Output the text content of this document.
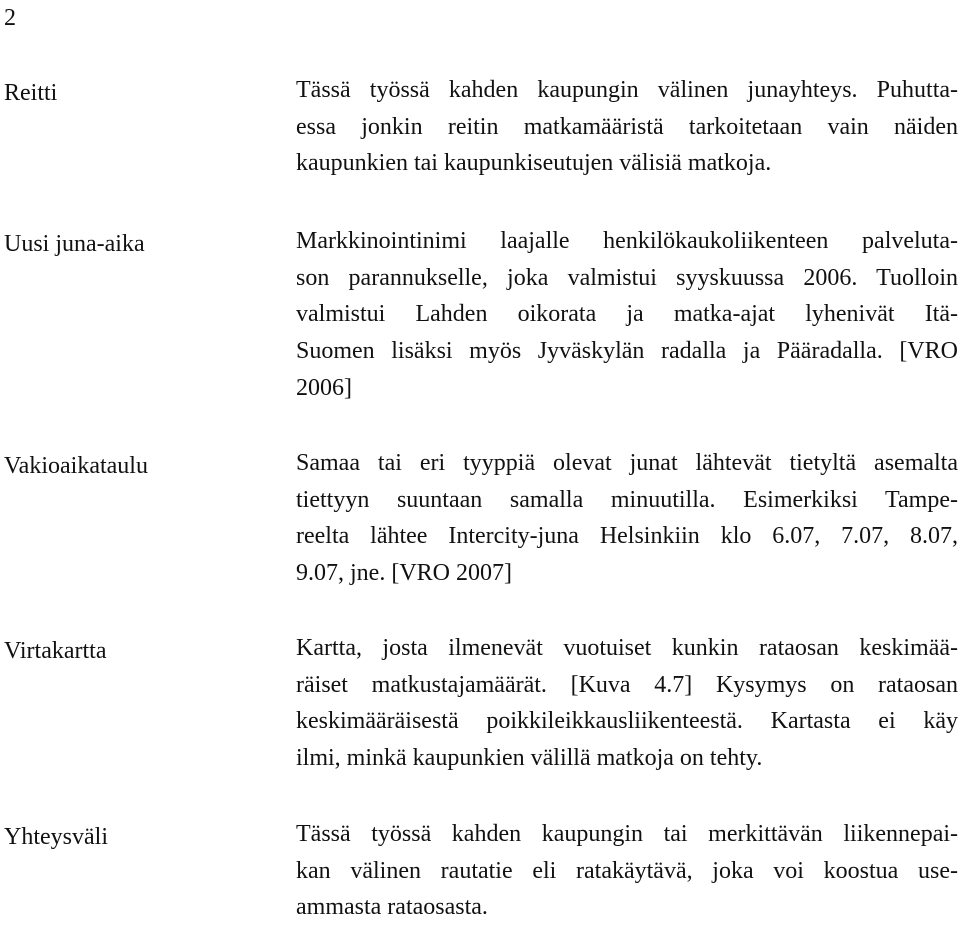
2
Reitti	Tässä työssä kahden kaupungin välinen junayhteys. Puhutta-
essa jonkin reitin matkamääristä tarkoitetaan vain näiden
kaupunkien tai kaupunkiseutujen välisiä matkoja.
Uusi juna-aika	Markkinointinimi laajalle henkilökaukoliikenteen palveluta-
son parannukselle, joka valmistui syyskuussa 2006. Tuolloin
valmistui Lahden oikorata ja matka-ajat lyhenivät Itä-
Suomen lisäksi myös Jyväskylän radalla ja Pääradalla. [VRO
2006]
Vakioaikataulu	Samaa tai eri tyyppiä olevat junat lähtevät tietyltä asemalta
tiettyyn suuntaan samalla minuutilla. Esimerkiksi Tampe-
reelta lähtee Intercity-juna Helsinkiin klo 6.07, 7.07, 8.07,
9.07, jne. [VRO 2007]
Virtakartta	Kartta, josta ilmenevät vuotuiset kunkin rataosan keskimää-
räiset matkustajamäärät. [Kuva 4.7] Kysymys on rataosan
keskimääräisestä poikkileikkausliikenteestä. Kartasta ei käy
ilmi, minkä kaupunkien välillä matkoja on tehty.
Yhteysväli	Tässä työssä kahden kaupungin tai merkittävän liikennepai-
kan välinen rautatie eli ratakäytävä, joka voi koostua use-
ammasta rataosasta.
